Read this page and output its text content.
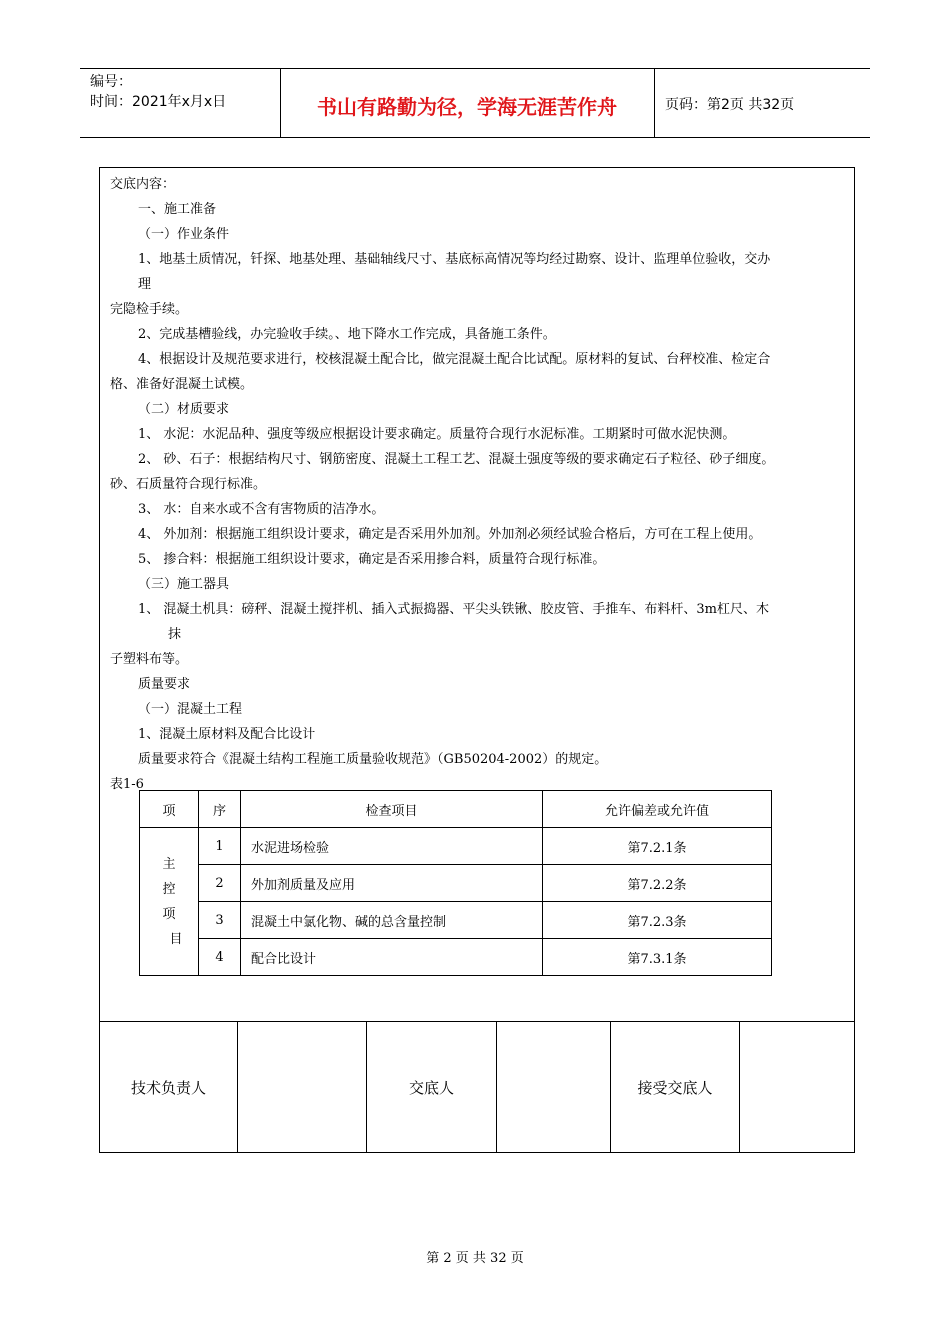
编号：
时间：2021年x月x日	书山有路勤为径，学海无涯苦作舟	页码：第2页 共32页

交底内容：

一、施工准备

（一）作业条件

1、地基土质情况，钎探、地基处理、基础轴线尺寸、基底标高情况等均经过勘察、设计、监理单位验收，交办

理

完隐检手续。

2、完成基槽验线，办完验收手续。、地下降水工作完成，具备施工条件。

4、根据设计及规范要求进行，校核混凝土配合比，做完混凝土配合比试配。原材料的复试、台秤校准、检定合

格、准备好混凝土试模。

（二）材质要求

1、 水泥：水泥品种、强度等级应根据设计要求确定。质量符合现行水泥标准。工期紧时可做水泥快测。

2、 砂、石子：根据结构尺寸、钢筋密度、混凝土工程工艺、混凝土强度等级的要求确定石子粒径、砂子细度。

砂、石质量符合现行标准。

3、 水：自来水或不含有害物质的洁净水。

4、 外加剂：根据施工组织设计要求，确定是否采用外加剂。外加剂必须经试验合格后，方可在工程上使用。

5、 掺合料：根据施工组织设计要求，确定是否采用掺合料，质量符合现行标准。

（三）施工器具

1、 混凝土机具：磅秤、混凝土搅拌机、插入式振捣器、平尖头铁锹、胶皮管、手推车、布料杆、3m杠尺、木

抹

子塑料布等。

质量要求

（一）混凝土工程

1、混凝土原材料及配合比设计

质量要求符合《混凝土结构工程施工质量验收规范》（GB50204-2002）的规定。

表1-6

项	序	检查项目	允许偏差或允许值

主
控
项
目	1	水泥进场检验	第7.2.1条
	2	外加剂质量及应用	第7.2.2条
	3	混凝土中氯化物、碱的总含量控制	第7.2.3条
	4	配合比设计	第7.3.1条
技术负责人	交底人	接受交底人
第 2 页 共 32 页
